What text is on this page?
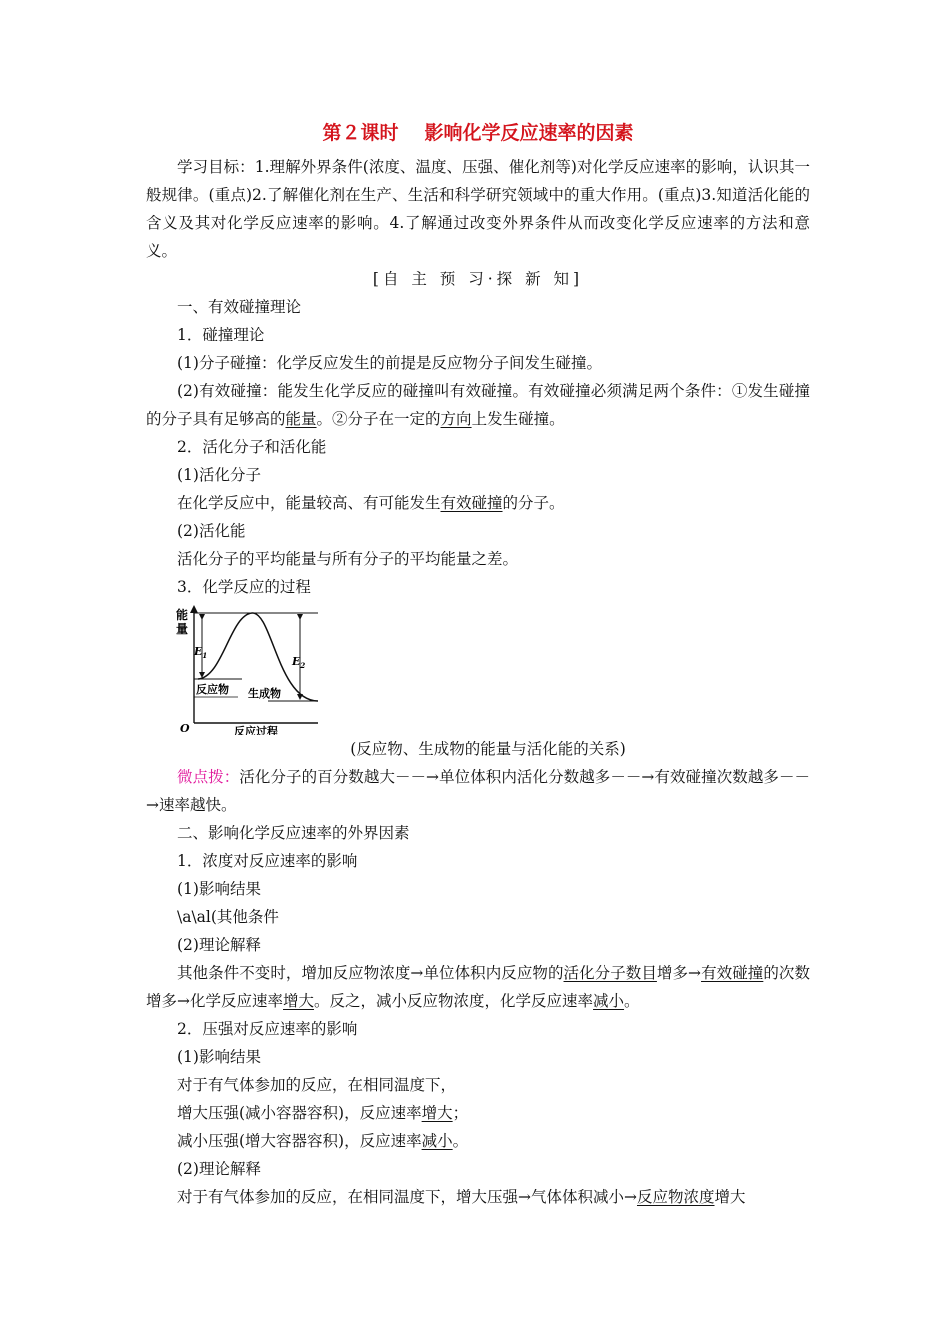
第２课时 影响化学反应速率的因素

学习目标：1.理解外界条件(浓度、温度、压强、催化剂等)对化学反应速率的影响，认识其一般规律。(重点)2.了解催化剂在生产、生活和科学研究领域中的重大作用。(重点)3.知道活化能的含义及其对化学反应速率的影响。4.了解通过改变外界条件从而改变化学反应速率的方法和意义。

[自 主 预 习·探 新 知]

一、有效碰撞理论

1．碰撞理论

(1)分子碰撞：化学反应发生的前提是反应物分子间发生碰撞。

(2)有效碰撞：能发生化学反应的碰撞叫有效碰撞。有效碰撞必须满足两个条件：①发生碰撞的分子具有足够高的能量。②分子在一定的方向上发生碰撞。

2．活化分子和活化能

(1)活化分子

在化学反应中，能量较高、有可能发生有效碰撞的分子。

(2)活化能

活化分子的平均能量与所有分子的平均能量之差。

3．化学反应的过程

能
量
$E_1$	$E_2$
反应物 生成物
O	反应过程

(反应物、生成物的能量与活化能的关系)

微点拨：活化分子的百分数越大－－→单位体积内活化分数越多－－→有效碰撞次数越多－－→速率越快。

二、影响化学反应速率的外界因素

1．浓度对反应速率的影响

(1)影响结果

\a\al(其他条件

(2)理论解释

其他条件不变时，增加反应物浓度→单位体积内反应物的活化分子数目增多→有效碰撞的次数增多→化学反应速率增大。反之，减小反应物浓度，化学反应速率减小。

2．压强对反应速率的影响

(1)影响结果

对于有气体参加的反应，在相同温度下，

增大压强(减小容器容积)，反应速率增大；

减小压强(增大容器容积)，反应速率减小。

(2)理论解释

对于有气体参加的反应，在相同温度下，增大压强→气体体积减小→反应物浓度增大
